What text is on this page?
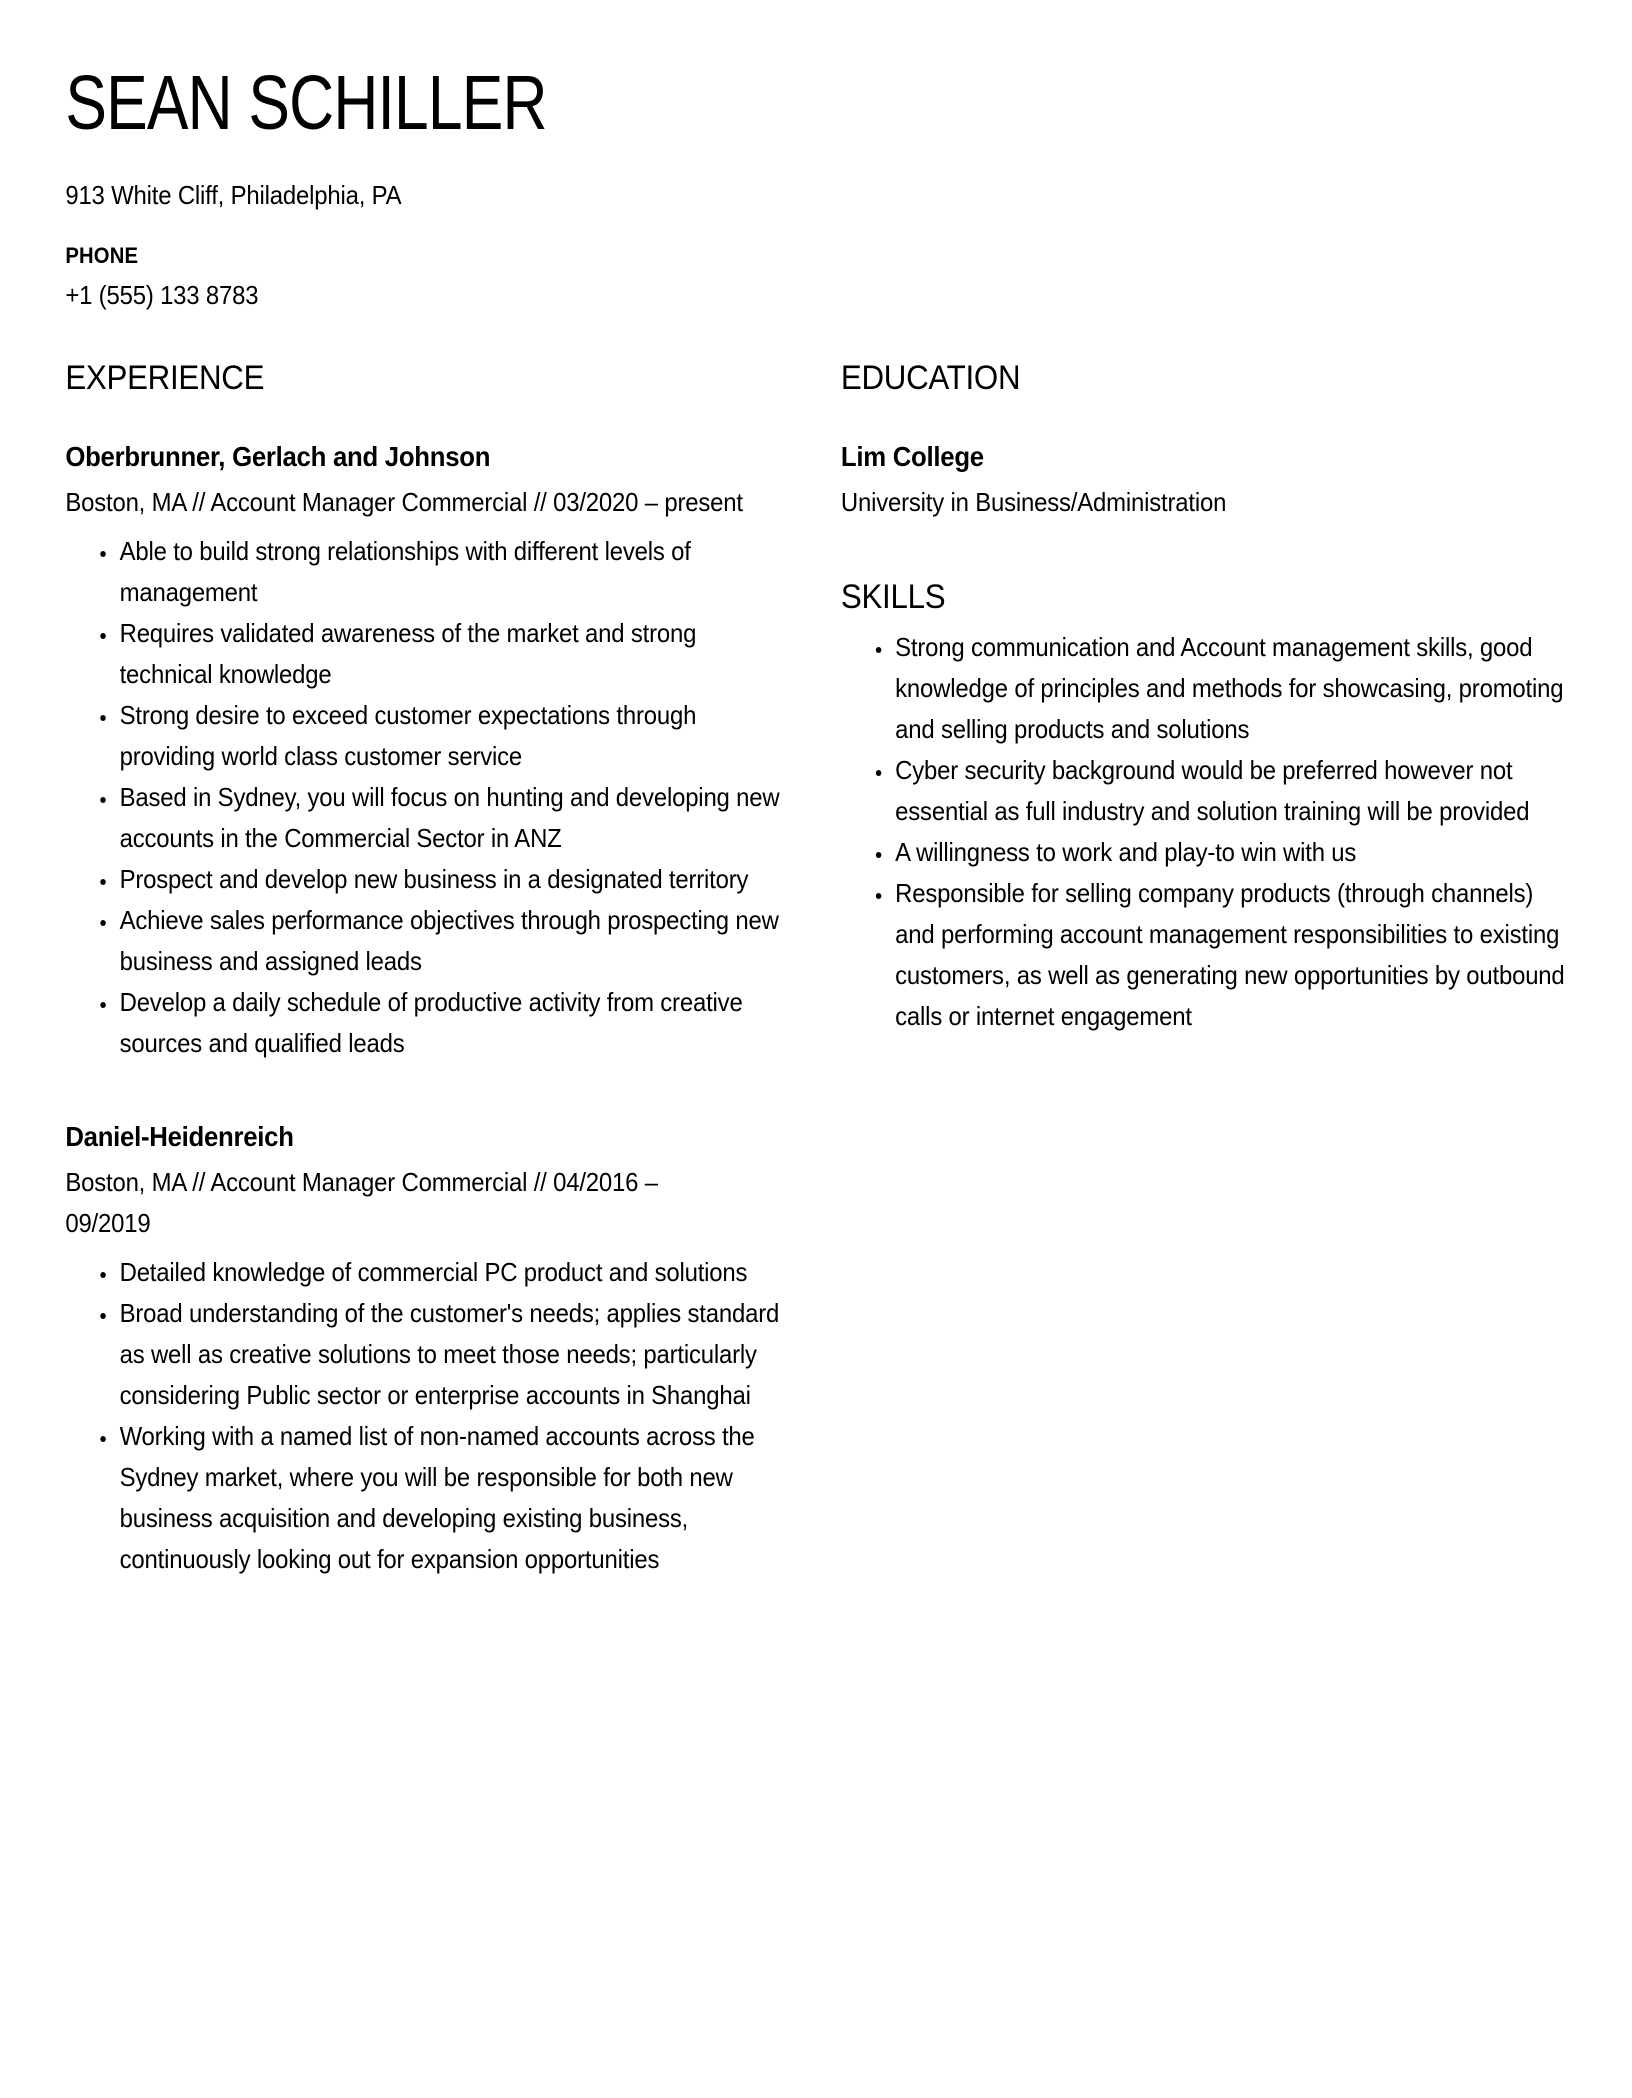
SEAN SCHILLER

913 White Cliff, Philadelphia, PA

PHONE

+1 (555) 133 8783

EXPERIENCE
Oberbrunner, Gerlach and Johnson

Boston, MA // Account Manager Commercial // 03/2020 – present

• Able to build strong relationships with different levels of management
• Requires validated awareness of the market and strong technical knowledge
• Strong desire to exceed customer expectations through providing world class customer service
• Based in Sydney, you will focus on hunting and developing new accounts in the Commercial Sector in ANZ
• Prospect and develop new business in a designated territory
• Achieve sales performance objectives through prospecting new business and assigned leads
• Develop a daily schedule of productive activity from creative sources and qualified leads
Daniel-Heidenreich

Boston, MA // Account Manager Commercial // 04/2016 – 09/2019

• Detailed knowledge of commercial PC product and solutions
• Broad understanding of the customer's needs; applies standard as well as creative solutions to meet those needs; particularly considering Public sector or enterprise accounts in Shanghai
• Working with a named list of non-named accounts across the Sydney market, where you will be responsible for both new business acquisition and developing existing business, continuously looking out for expansion opportunities
EDUCATION
Lim College

University in Business/Administration

SKILLS
• Strong communication and Account management skills, good knowledge of principles and methods for showcasing, promoting and selling products and solutions
• Cyber security background would be preferred however not essential as full industry and solution training will be provided
• A willingness to work and play-to win with us
• Responsible for selling company products (through channels) and performing account management responsibilities to existing customers, as well as generating new opportunities by outbound calls or internet engagement
